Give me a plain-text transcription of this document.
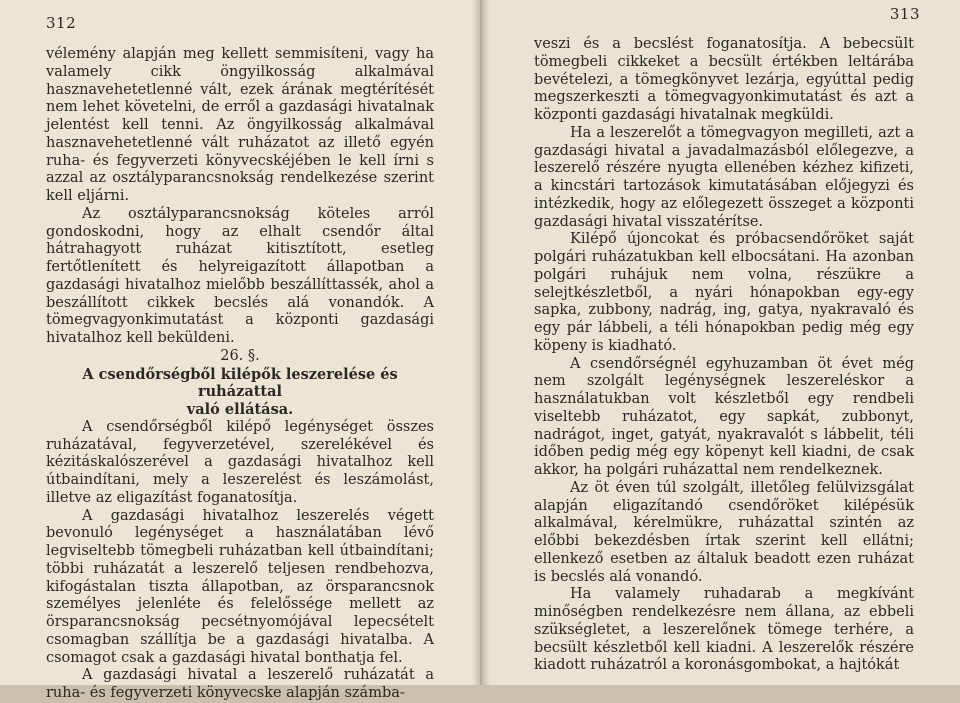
312

vélemény alapján meg kellett semmisíteni, vagy ha valamely cikk öngyilkosság alkalmával hasznavehetetlenné vált, ezek árának megtérítését nem lehet követelni, de erről a gazdasági hivatalnak jelentést kell tenni. Az öngyilkosság alkalmával hasznavehetetlenné vált ruházatot az illető egyén ruha- és fegyverzeti könyvecskéjében le kell írni s azzal az osztályparancsnokság rendelkezése szerint kell eljárni.

Az osztályparancsnokság köteles arról gondoskodni, hogy az elhalt csendőr által hátrahagyott ruházat kitisztított, esetleg fertőtlenített és helyreigazított állapotban a gazdasági hivatalhoz mielőbb beszállíttassék, ahol a beszállított cikkek becslés alá vonandók. A tömegvagyonkimutatást a központi gazdasági hivatalhoz kell beküldeni.

26. §.

A csendőrségből kilépők leszerelése és ruházattal

való ellátása.

A csendőrségből kilépő legénységet összes ruházatával, fegyverzetével, szerelékével és kézitáskalószerével a gazdasági hivatalhoz kell útbaindítani, mely a leszerelést és leszámolást, illetve az eligazítást foganatosítja.

A gazdasági hivatalhoz leszerelés végett bevonuló legénységet a használatában lévő legviseltebb tömegbeli ruházatban kell útbaindítani; többi ruházatát a leszerelő teljesen rendbehozva, kifogástalan tiszta állapotban, az örsparancsnok személyes jelenléte és felelőssége mellett az örsparancsnokság pecsétnyomójával lepecsételt csomagban szállítja be a gazdasági hivatalba. A csomagot csak a gazdasági hivatal bonthatja fel.

A gazdasági hivatal a leszerelő ruházatát a ruha- és fegyverzeti könyvecske alapján számba-

313

veszi és a becslést foganatosítja. A bebecsült tömegbeli cikkeket a becsült értékben leltárába bevételezi, a tömegkönyvet lezárja, egyúttal pedig megszerkeszti a tömegvagyonkimutatást és azt a központi gazdasági hivatalnak megküldi.

Ha a leszerelőt a tömegvagyon megilleti, azt a gazdasági hivatal a javadalmazásból előlegezve, a leszerelő részére nyugta ellenében kézhez kifizeti, a kincstári tartozások kimutatásában előjegyzi és intézkedik, hogy az előlegezett összeget a központi gazdasági hivatal visszatérítse.

Kilépő újoncokat és próbacsendőröket saját polgári ruházatukban kell elbocsátani. Ha azonban polgári ruhájuk nem volna, részükre a selejtkészletből, a nyári hónapokban egy-egy sapka, zubbony, nadrág, ing, gatya, nyakravaló és egy pár lábbeli, a téli hónapokban pedig még egy köpeny is kiadható.

A csendőrségnél egyhuzamban öt évet még nem szolgált legénységnek leszereléskor a használatukban volt készletből egy rendbeli viseltebb ruházatot, egy sapkát, zubbonyt, nadrágot, inget, gatyát, nyakravalót s lábbelit, téli időben pedig még egy köpenyt kell kiadni, de csak akkor, ha polgári ruházattal nem rendelkeznek.

Az öt éven túl szolgált, illetőleg felülvizsgálat alapján eligazítandó csendőröket kilépésük alkalmával, kérelmükre, ruházattal szintén az előbbi bekezdésben írtak szerint kell ellátni; ellenkező esetben az általuk beadott ezen ruházat is becslés alá vonandó.

Ha valamely ruhadarab a megkívánt minőségben rendelkezésre nem állana, az ebbeli szükségletet, a leszerelőnek tömege terhére, a becsült készletből kell kiadni. A leszerelők részére kiadott ruházatról a koronásgombokat, a hajtókát
